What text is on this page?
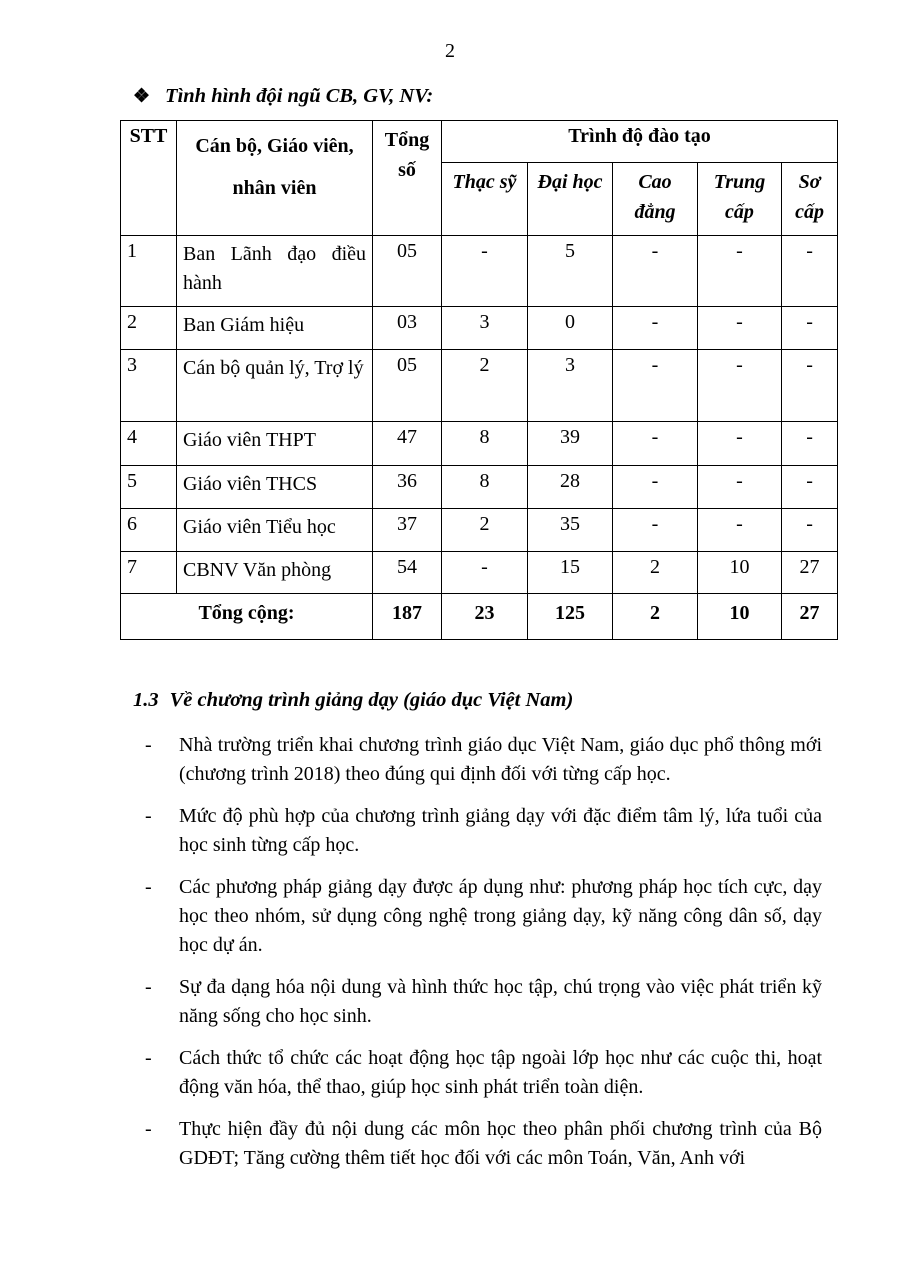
2
❖ Tình hình đội ngũ CB, GV, NV:
STT	Cán bộ, Giáo viên, nhân viên	Tổng số	Trình độ đào tạo				
			Thạc sỹ	Đại học	Cao đẳng	Trung cấp	Sơ cấp
1	Ban Lãnh đạo điều hành	05	-	5	-	-	-
2	Ban Giám hiệu	03	3	0	-	-	-
3	Cán bộ quản lý, Trợ lý	05	2	3	-	-	-
4	Giáo viên THPT	47	8	39	-	-	-
5	Giáo viên THCS	36	8	28	-	-	-
6	Giáo viên Tiểu học	37	2	35	-	-	-
7	CBNV Văn phòng	54	-	15	2	10	27
Tổng cộng:		187	23	125	2	10	27
1.3 Về chương trình giảng dạy (giáo dục Việt Nam)
-	Nhà trường triển khai chương trình giáo dục Việt Nam, giáo dục phổ thông mới (chương trình 2018) theo đúng qui định đối với từng cấp học.
-	Mức độ phù hợp của chương trình giảng dạy với đặc điểm tâm lý, lứa tuổi của học sinh từng cấp học.
-	Các phương pháp giảng dạy được áp dụng như: phương pháp học tích cực, dạy học theo nhóm, sử dụng công nghệ trong giảng dạy, kỹ năng công dân số, dạy học dự án.
-	Sự đa dạng hóa nội dung và hình thức học tập, chú trọng vào việc phát triển kỹ năng sống cho học sinh.
-	Cách thức tổ chức các hoạt động học tập ngoài lớp học như các cuộc thi, hoạt động văn hóa, thể thao, giúp học sinh phát triển toàn diện.
-	Thực hiện đầy đủ nội dung các môn học theo phân phối chương trình của Bộ GDĐT; Tăng cường thêm tiết học đối với các môn Toán, Văn, Anh với
